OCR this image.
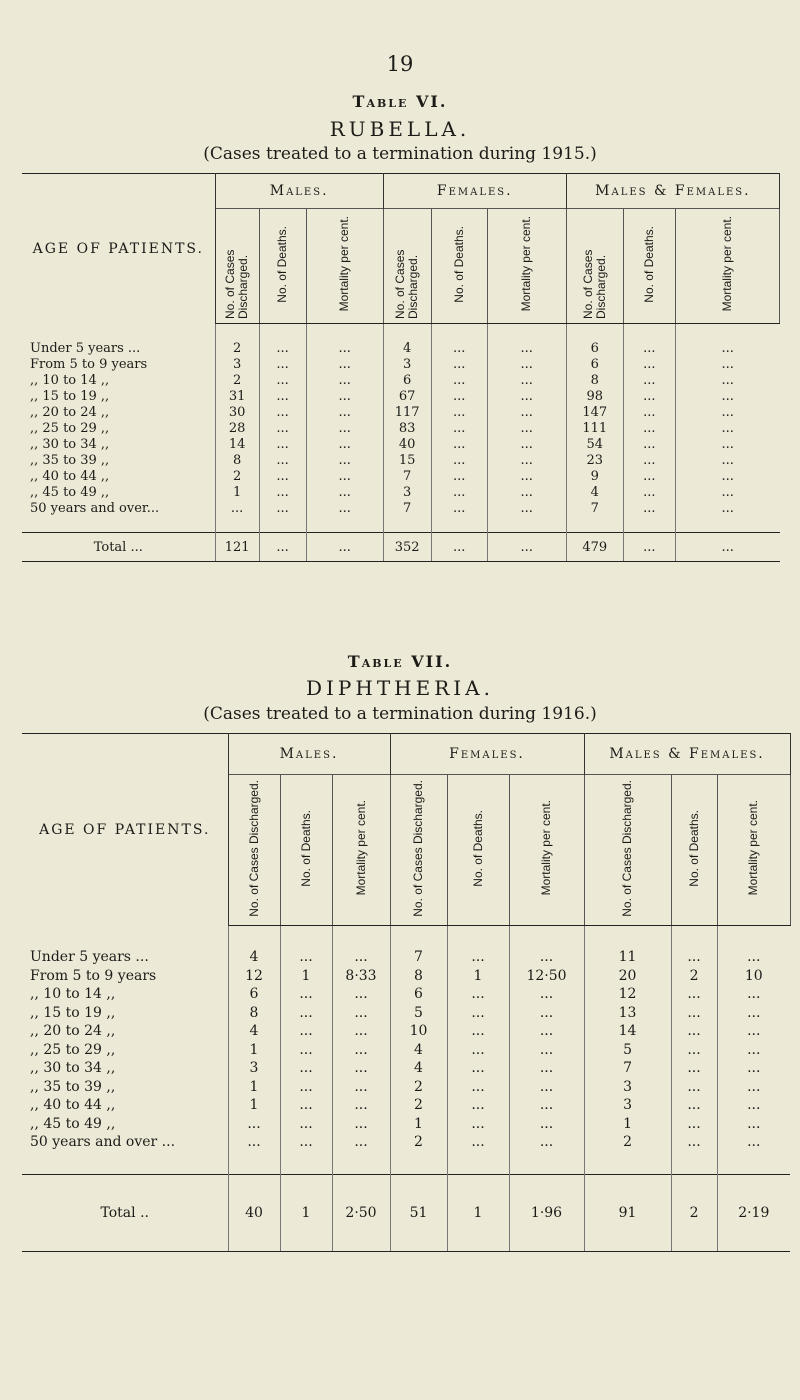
19
Table VI.
RUBELLA.
(Cases treated to a termination during 1915.)
AGE OF PATIENTS.	Males.			Females.			Males & Females.		
	No. of Cases Discharged.	No. of Deaths.	Mortality per cent.	No. of Cases Discharged.	No. of Deaths.	Mortality per cent.	No. of Cases Discharged.	No. of Deaths.	Mortality per cent.

Under 5 years ...	2	...	...	4	...	...	6	...	...
From 5 to 9 years	3	...	...	3	...	...	6	...	...
,, 10 to 14 ,,	2	...	...	6	...	...	8	...	...
,, 15 to 19 ,,	31	...	...	67	...	...	98	...	...
,, 20 to 24 ,,	30	...	...	117	...	...	147	...	...
,, 25 to 29 ,,	28	...	...	83	...	...	111	...	...
,, 30 to 34 ,,	14	...	...	40	...	...	54	...	...
,, 35 to 39 ,,	8	...	...	15	...	...	23	...	...
,, 40 to 44 ,,	2	...	...	7	...	...	9	...	...
,, 45 to 49 ,,	1	...	...	3	...	...	4	...	...
50 years and over...	...	...	...	7	...	...	7	...	...

Total ...	121	...	...	352	...	...	479	...	...
Table VII.
DIPHTHERIA.
(Cases treated to a termination during 1916.)
AGE OF PATIENTS.	Males.			Females.			Males & Females.		
	No. of Cases Discharged.	No. of Deaths.	Mortality per cent.	No. of Cases Discharged.	No. of Deaths.	Mortality per cent.	No. of Cases Discharged.	No. of Deaths.	Mortality per cent.

Under 5 years ...	4	...	...	7	...	...	11	...	...
From 5 to 9 years	12	1	8·33	8	1	12·50	20	2	10
,, 10 to 14 ,,	6	...	...	6	...	...	12	...	...
,, 15 to 19 ,,	8	...	...	5	...	...	13	...	...
,, 20 to 24 ,,	4	...	...	10	...	...	14	...	...
,, 25 to 29 ,,	1	...	...	4	...	...	5	...	...
,, 30 to 34 ,,	3	...	...	4	...	...	7	...	...
,, 35 to 39 ,,	1	...	...	2	...	...	3	...	...
,, 40 to 44 ,,	1	...	...	2	...	...	3	...	...
,, 45 to 49 ,,	...	...	...	1	...	...	1	...	...
50 years and over ...	...	...	...	2	...	...	2	...	...

Total ..	40	1	2·50	51	1	1·96	91	2	2·19
